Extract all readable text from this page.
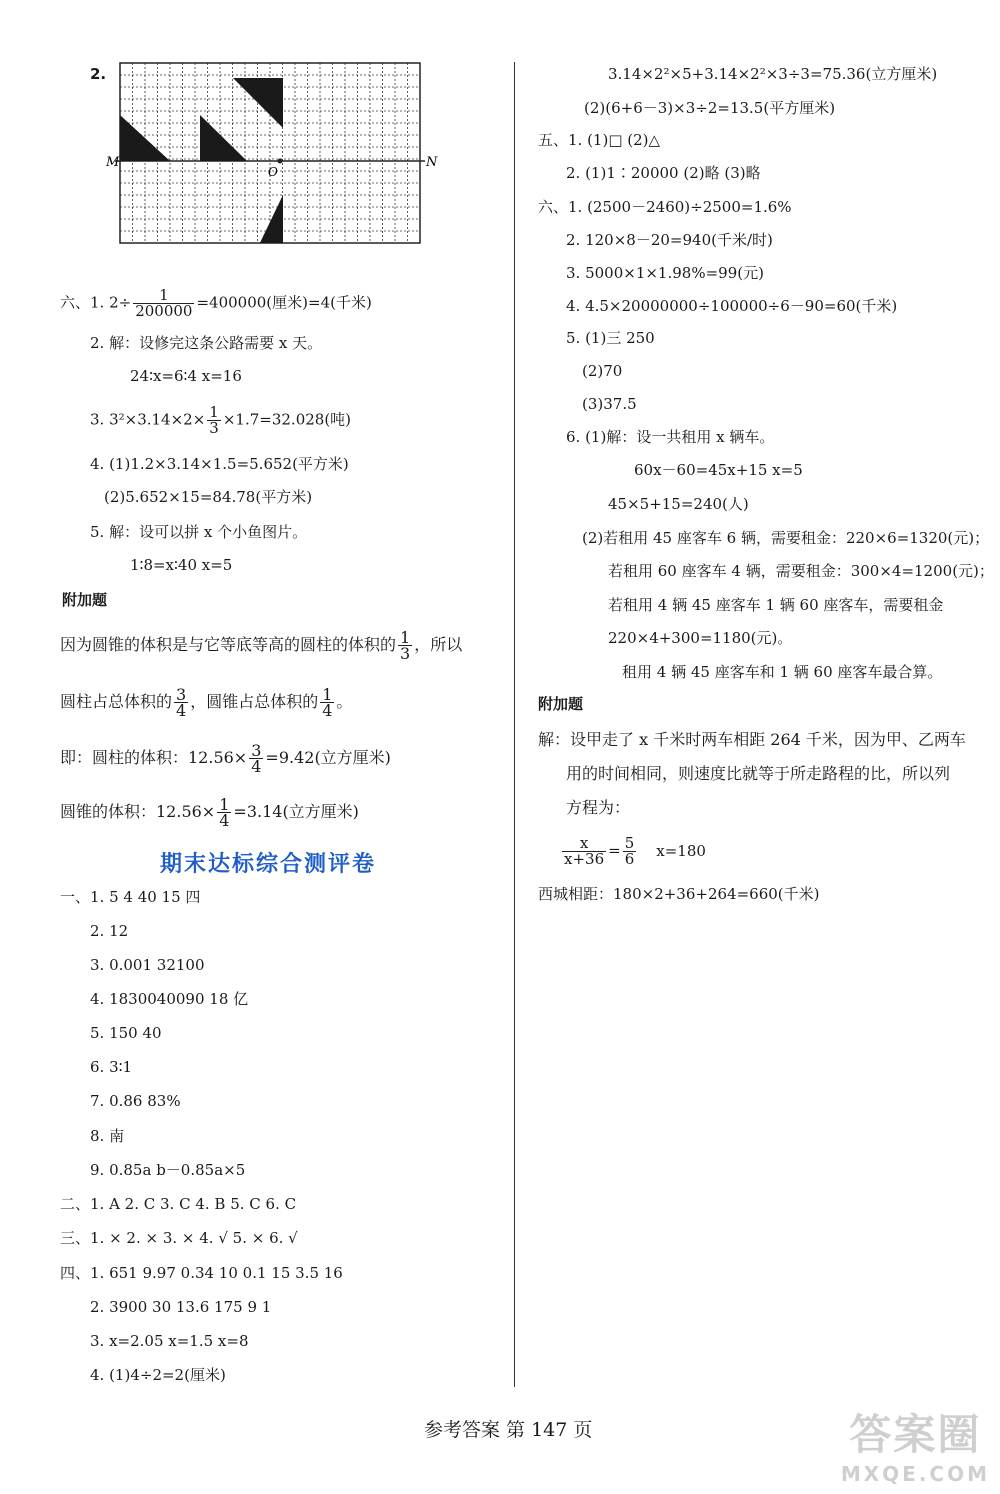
2.
M	N
O
六、1. $2\div \frac{1}{200000} =400000$(厘米)=4(千米)
2. 解：设修完这条公路需要 x 天。
24∶x=6∶4 x=16
3. $3^2\times 3.14\times 2\times \frac{1}{3} \times 1.7=32.028$(吨)
4. (1)1.2×3.14×1.5=5.652(平方米)
(2)5.652×15=84.78(平方米)
5. 解：设可以拼 x 个小鱼图片。
1∶8=x∶40 x=5
附加题
因为圆锥的体积是与它等底等高的圆柱的体积的 $\frac{1}{3}$ ，所以
圆柱占总体积的 $\frac{3}{4}$ ，圆锥占总体积的 $\frac{1}{4}$ 。
即：圆柱的体积：$12.56\times \frac{3}{4} =9.42$(立方厘米)
圆锥的体积：$12.56\times \frac{1}{4} =3.14$(立方厘米)
期末达标综合测评卷
一、1. 5 4 40 15 四
2. 12
3. 0.001 32100
4. 1830040090 18 亿
5. 150 40
6. 3∶1
7. 0.86 83%
8. 南
9. 0.85a b－0.85a×5
二、1. A 2. C 3. C 4. B 5. C 6. C
三、1. × 2. × 3. × 4. √ 5. × 6. √
四、1. 651 9.97 0.34 10 0.1 15 3.5 16
2. 3900 30 13.6 175 9 1
3. x=2.05 x=1.5 x=8
4. (1)4÷2=2(厘米)
3.14×2²×5+3.14×2²×3÷3=75.36(立方厘米)
(2)(6+6－3)×3÷2=13.5(平方厘米)
五、1. (1)□ (2)△
2. (1)1∶20000 (2)略 (3)略
六、1. (2500－2460)÷2500=1.6%
2. 120×8－20=940(千米/时)
3. 5000×1×1.98%=99(元)
4. 4.5×20000000÷100000÷6－90=60(千米)
5. (1)三 250
(2)70
(3)37.5
6. (1)解：设一共租用 x 辆车。
60x－60=45x+15 x=5
45×5+15=240(人)
(2)若租用 45 座客车 6 辆，需要租金：220×6=1320(元)；
若租用 60 座客车 4 辆，需要租金：300×4=1200(元)；
若租用 4 辆 45 座客车 1 辆 60 座客车，需要租金
220×4+300=1180(元)。
租用 4 辆 45 座客车和 1 辆 60 座客车最合算。
附加题
解：设甲走了 x 千米时两车相距 264 千米，因为甲、乙两车
用的时间相同，则速度比就等于所走路程的比，所以列
方程为：
$\frac{x}{x+36} = \frac{5}{6} x=180$
西城相距：180×2+36+264=660(千米)
参考答案 第 147 页	答案圈
MXQE.COM
